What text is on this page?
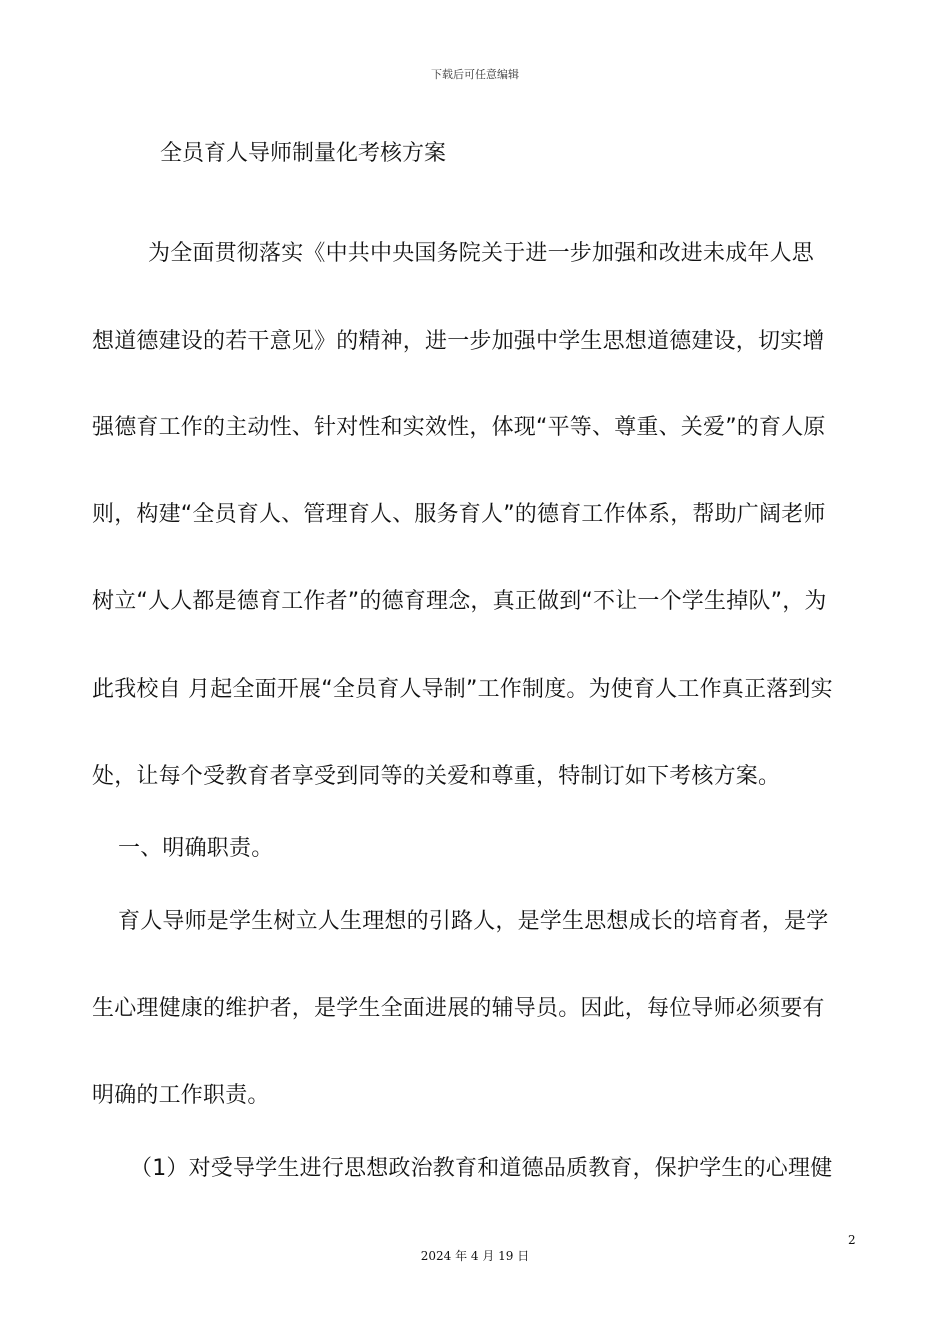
下载后可任意编辑
全员育人导师制量化考核方案
为全面贯彻落实《中共中央国务院关于进一步加强和改进未成年人思
想道德建设的若干意见》的精神，进一步加强中学生思想道德建设，切实增
强德育工作的主动性、针对性和实效性，体现“平等、尊重、关爱”的育人原
则，构建“全员育人、管理育人、服务育人”的德育工作体系，帮助广阔老师
树立“人人都是德育工作者”的德育理念，真正做到“不让一个学生掉队”，为
此我校自 月起全面开展“全员育人导制”工作制度。为使育人工作真正落到实
处，让每个受教育者享受到同等的关爱和尊重，特制订如下考核方案。
一、明确职责。
育人导师是学生树立人生理想的引路人，是学生思想成长的培育者，是学
生心理健康的维护者，是学生全面进展的辅导员。因此，每位导师必须要有
明确的工作职责。
（1）对受导学生进行思想政治教育和道德品质教育，保护学生的心理健
2
2024 年 4 月 19 日
